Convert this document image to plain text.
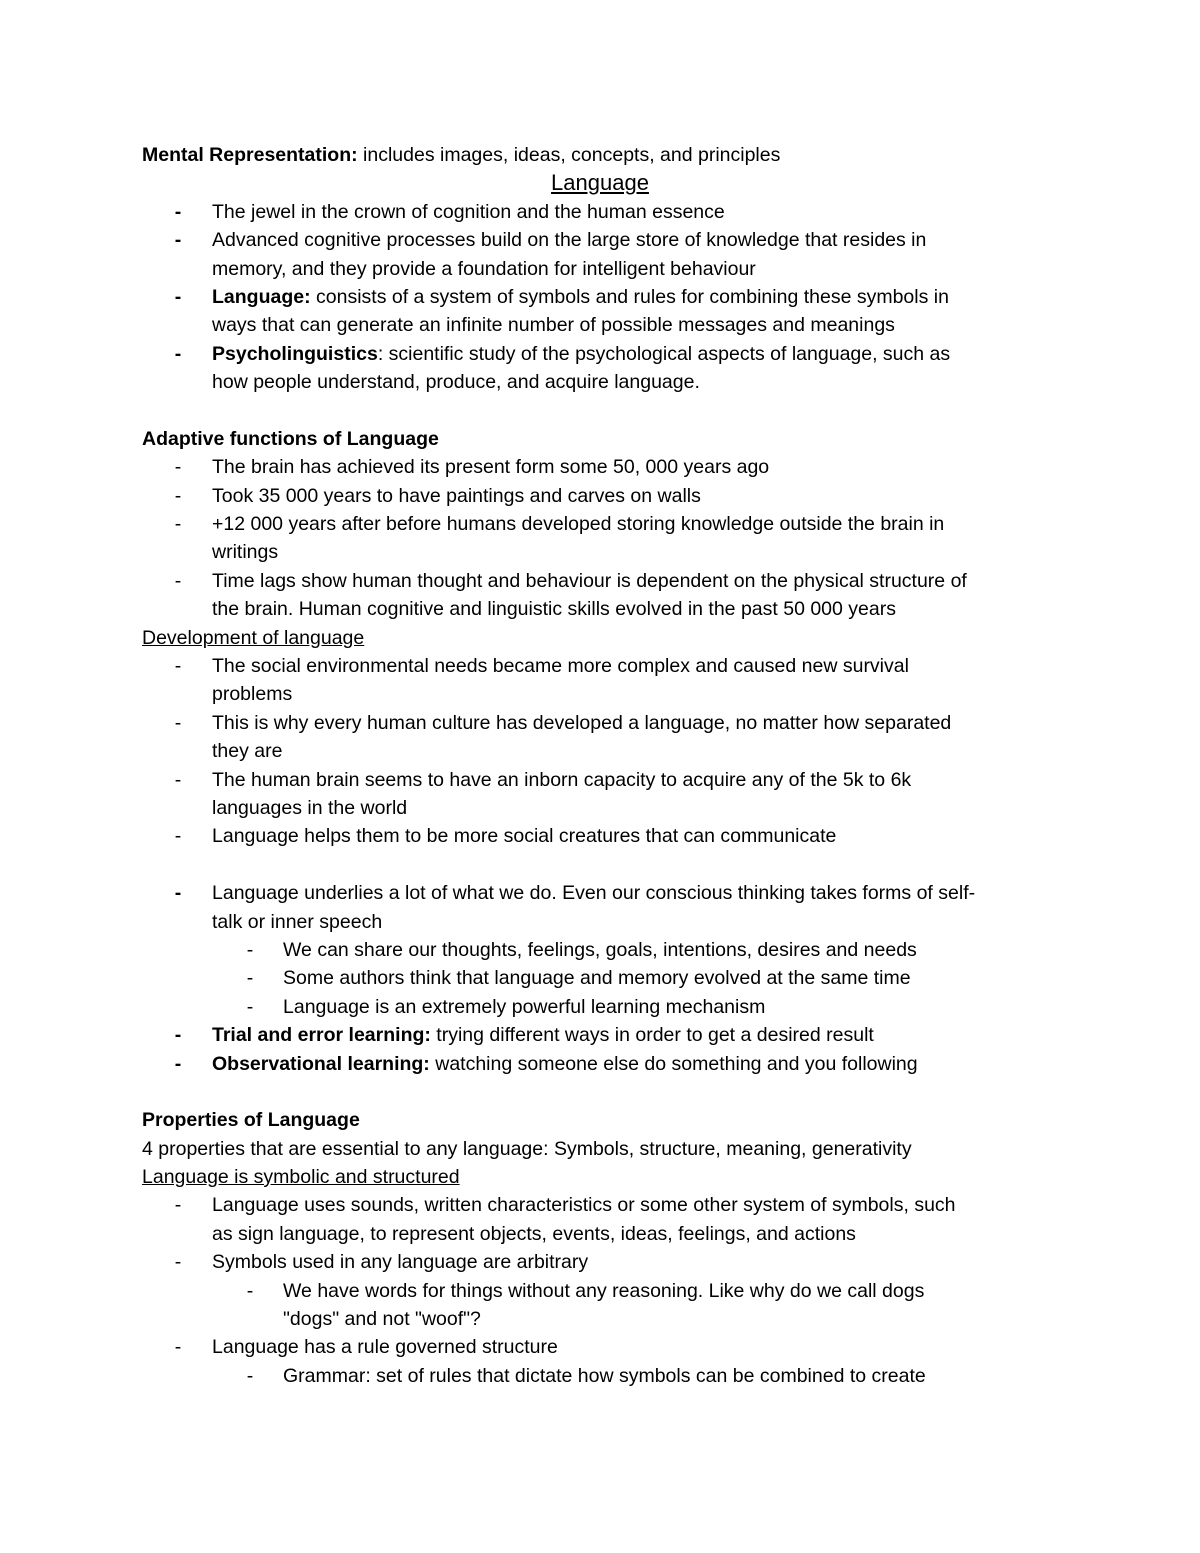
Mental Representation: includes images, ideas, concepts, and principles
Language
-	The jewel in the crown of cognition and the human essence
-	Advanced cognitive processes build on the large store of knowledge that resides in
memory, and they provide a foundation for intelligent behaviour
-	Language: consists of a system of symbols and rules for combining these symbols in
ways that can generate an infinite number of possible messages and meanings
-	Psycholinguistics: scientific study of the psychological aspects of language, such as
how people understand, produce, and acquire language.
Adaptive functions of Language
-	The brain has achieved its present form some 50, 000 years ago
-	Took 35 000 years to have paintings and carves on walls
-	+12 000 years after before humans developed storing knowledge outside the brain in
writings
-	Time lags show human thought and behaviour is dependent on the physical structure of
the brain. Human cognitive and linguistic skills evolved in the past 50 000 years
Development of language
-	The social environmental needs became more complex and caused new survival
problems
-	This is why every human culture has developed a language, no matter how separated
they are
-	The human brain seems to have an inborn capacity to acquire any of the 5k to 6k
languages in the world
-	Language helps them to be more social creatures that can communicate
-	Language underlies a lot of what we do. Even our conscious thinking takes forms of self-
talk or inner speech
-	We can share our thoughts, feelings, goals, intentions, desires and needs
-	Some authors think that language and memory evolved at the same time
-	Language is an extremely powerful learning mechanism
-	Trial and error learning: trying different ways in order to get a desired result
-	Observational learning: watching someone else do something and you following
Properties of Language
4 properties that are essential to any language: Symbols, structure, meaning, generativity
Language is symbolic and structured
-	Language uses sounds, written characteristics or some other system of symbols, such
as sign language, to represent objects, events, ideas, feelings, and actions
-	Symbols used in any language are arbitrary
-	We have words for things without any reasoning. Like why do we call dogs
"dogs" and not "woof"?
-	Language has a rule governed structure
-	Grammar: set of rules that dictate how symbols can be combined to create
